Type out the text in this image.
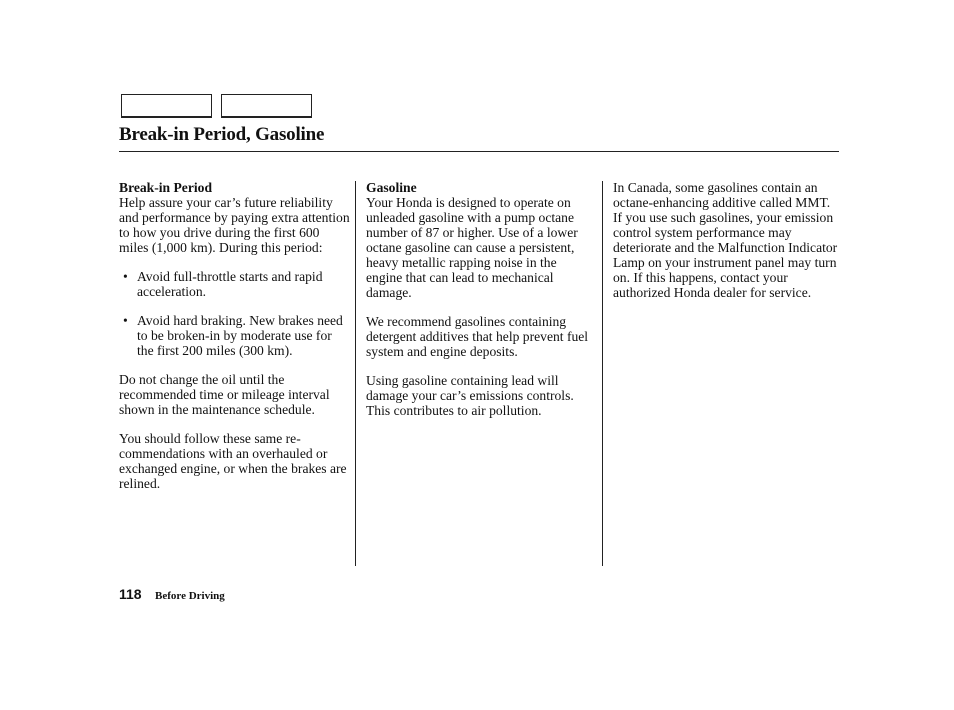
Break-in Period, Gasoline
Break-in Period

Help assure your car’s future reliability and performance by paying extra attention to how you drive during the first 600 miles (1,000 km). During this period:

• Avoid full-throttle starts and rapid acceleration.
• Avoid hard braking. New brakes need to be broken-in by moderate use for the first 200 miles (300 km).

Do not change the oil until the recommended time or mileage interval shown in the maintenance schedule.

You should follow these same re-commendations with an overhauled or exchanged engine, or when the brakes are relined.

Gasoline

Your Honda is designed to operate on unleaded gasoline with a pump octane number of 87 or higher. Use of a lower octane gasoline can cause a persistent, heavy metallic rapping noise in the engine that can lead to mechanical damage.

We recommend gasolines containing detergent additives that help prevent fuel system and engine deposits.

Using gasoline containing lead will damage your car’s emissions controls. This contributes to air pollution.

In Canada, some gasolines contain an octane-enhancing additive called MMT. If you use such gasolines, your emission control system performance may deteriorate and the Malfunction Indicator Lamp on your instrument panel may turn on. If this happens, contact your authorized Honda dealer for service.

118 Before Driving
